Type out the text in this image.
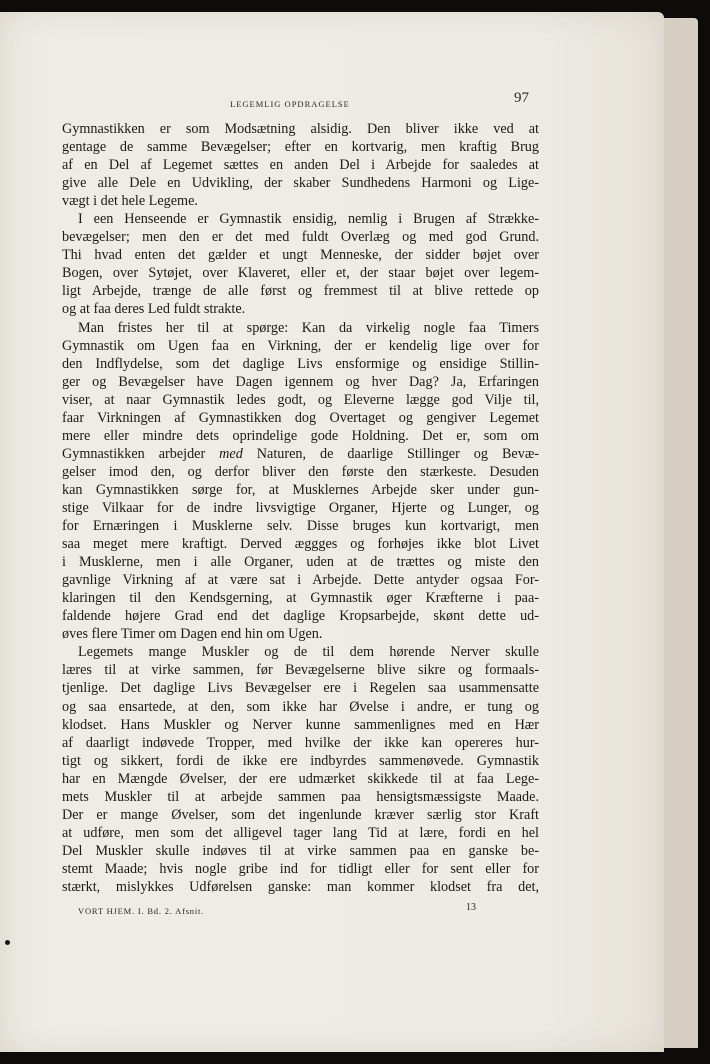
LEGEMLIG OPDRAGELSE	97
Gymnastikken er som Modsætning alsidig. Den bliver ikke ved at
gentage de samme Bevægelser; efter en kortvarig, men kraftig Brug
af en Del af Legemet sættes en anden Del i Arbejde for saaledes at
give alle Dele en Udvikling, der skaber Sundhedens Harmoni og Lige-
vægt i det hele Legeme.
I een Henseende er Gymnastik ensidig, nemlig i Brugen af Strække-
bevægelser; men den er det med fuldt Overlæg og med god Grund.
Thi hvad enten det gælder et ungt Menneske, der sidder bøjet over
Bogen, over Sytøjet, over Klaveret, eller et, der staar bøjet over legem-
ligt Arbejde, trænge de alle først og fremmest til at blive rettede op
og at faa deres Led fuldt strakte.
Man fristes her til at spørge: Kan da virkelig nogle faa Timers
Gymnastik om Ugen faa en Virkning, der er kendelig lige over for
den Indflydelse, som det daglige Livs ensformige og ensidige Stillin-
ger og Bevægelser have Dagen igennem og hver Dag? Ja, Erfaringen
viser, at naar Gymnastik ledes godt, og Eleverne lægge god Vilje til,
faar Virkningen af Gymnastikken dog Overtaget og gengiver Legemet
mere eller mindre dets oprindelige gode Holdning. Det er, som om
Gymnastikken arbejder med Naturen, de daarlige Stillinger og Bevæ-
gelser imod den, og derfor bliver den første den stærkeste. Desuden
kan Gymnastikken sørge for, at Musklernes Arbejde sker under gun-
stige Vilkaar for de indre livsvigtige Organer, Hjerte og Lunger, og
for Ernæringen i Musklerne selv. Disse bruges kun kortvarigt, men
saa meget mere kraftigt. Derved æggges og forhøjes ikke blot Livet
i Musklerne, men i alle Organer, uden at de trættes og miste den
gavnlige Virkning af at være sat i Arbejde. Dette antyder ogsaa For-
klaringen til den Kendsgerning, at Gymnastik øger Kræfterne i paa-
faldende højere Grad end det daglige Kropsarbejde, skønt dette ud-
øves flere Timer om Dagen end hin om Ugen.
Legemets mange Muskler og de til dem hørende Nerver skulle
læres til at virke sammen, før Bevægelserne blive sikre og formaals-
tjenlige. Det daglige Livs Bevægelser ere i Regelen saa usammensatte
og saa ensartede, at den, som ikke har Øvelse i andre, er tung og
klodset. Hans Muskler og Nerver kunne sammenlignes med en Hær
af daarligt indøvede Tropper, med hvilke der ikke kan opereres hur-
tigt og sikkert, fordi de ikke ere indbyrdes sammenøvede. Gymnastik
har en Mængde Øvelser, der ere udmærket skikkede til at faa Lege-
mets Muskler til at arbejde sammen paa hensigtsmæssigste Maade.
Der er mange Øvelser, som det ingenlunde kræver særlig stor Kraft
at udføre, men som det alligevel tager lang Tid at lære, fordi en hel
Del Muskler skulle indøves til at virke sammen paa en ganske be-
stemt Maade; hvis nogle gribe ind for tidligt eller for sent eller for
stærkt, mislykkes Udførelsen ganske: man kommer klodset fra det,
VORT HJEM. I. Bd. 2. Afsnit.	13
